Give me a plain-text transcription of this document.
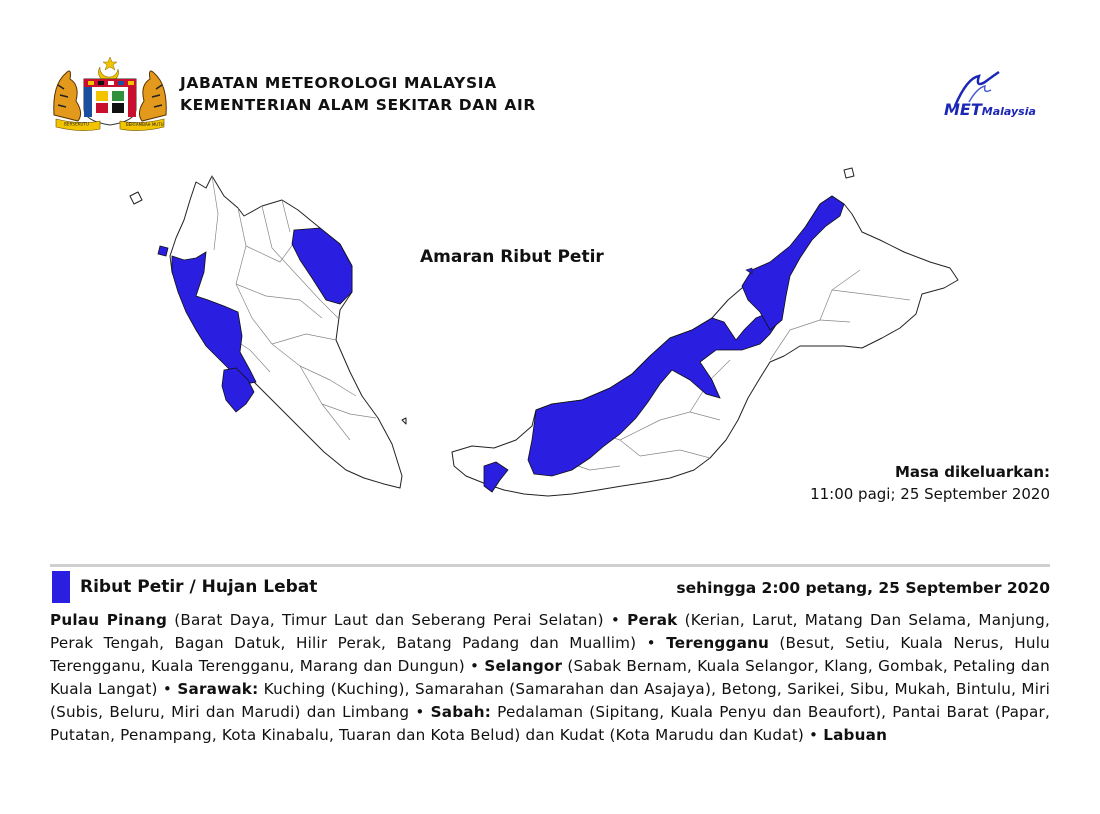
BERSEKUTU	BERTAMBAH MUTU
JABATAN METEOROLOGI MALAYSIA
KEMENTERIAN ALAM SEKITAR DAN AIR	METMalaysia
Amaran Ribut Petir
Masa dikeluarkan:
11:00 pagi; 25 September 2020
Ribut Petir / Hujan Lebat	sehingga 2:00 petang, 25 September 2020
Pulau Pinang (Barat Daya, Timur Laut dan Seberang Perai Selatan) • Perak (Kerian, Larut, Matang Dan Selama, Manjung, Perak Tengah, Bagan Datuk, Hilir Perak, Batang Padang dan Muallim) • Terengganu (Besut, Setiu, Kuala Nerus, Hulu Terengganu, Kuala Terengganu, Marang dan Dungun) • Selangor (Sabak Bernam, Kuala Selangor, Klang, Gombak, Petaling dan Kuala Langat) • Sarawak: Kuching (Kuching), Samarahan (Samarahan dan Asajaya), Betong, Sarikei, Sibu, Mukah, Bintulu, Miri (Subis, Beluru, Miri dan Marudi) dan Limbang • Sabah: Pedalaman (Sipitang, Kuala Penyu dan Beaufort), Pantai Barat (Papar, Putatan, Penampang, Kota Kinabalu, Tuaran dan Kota Belud) dan Kudat (Kota Marudu dan Kudat) • Labuan
